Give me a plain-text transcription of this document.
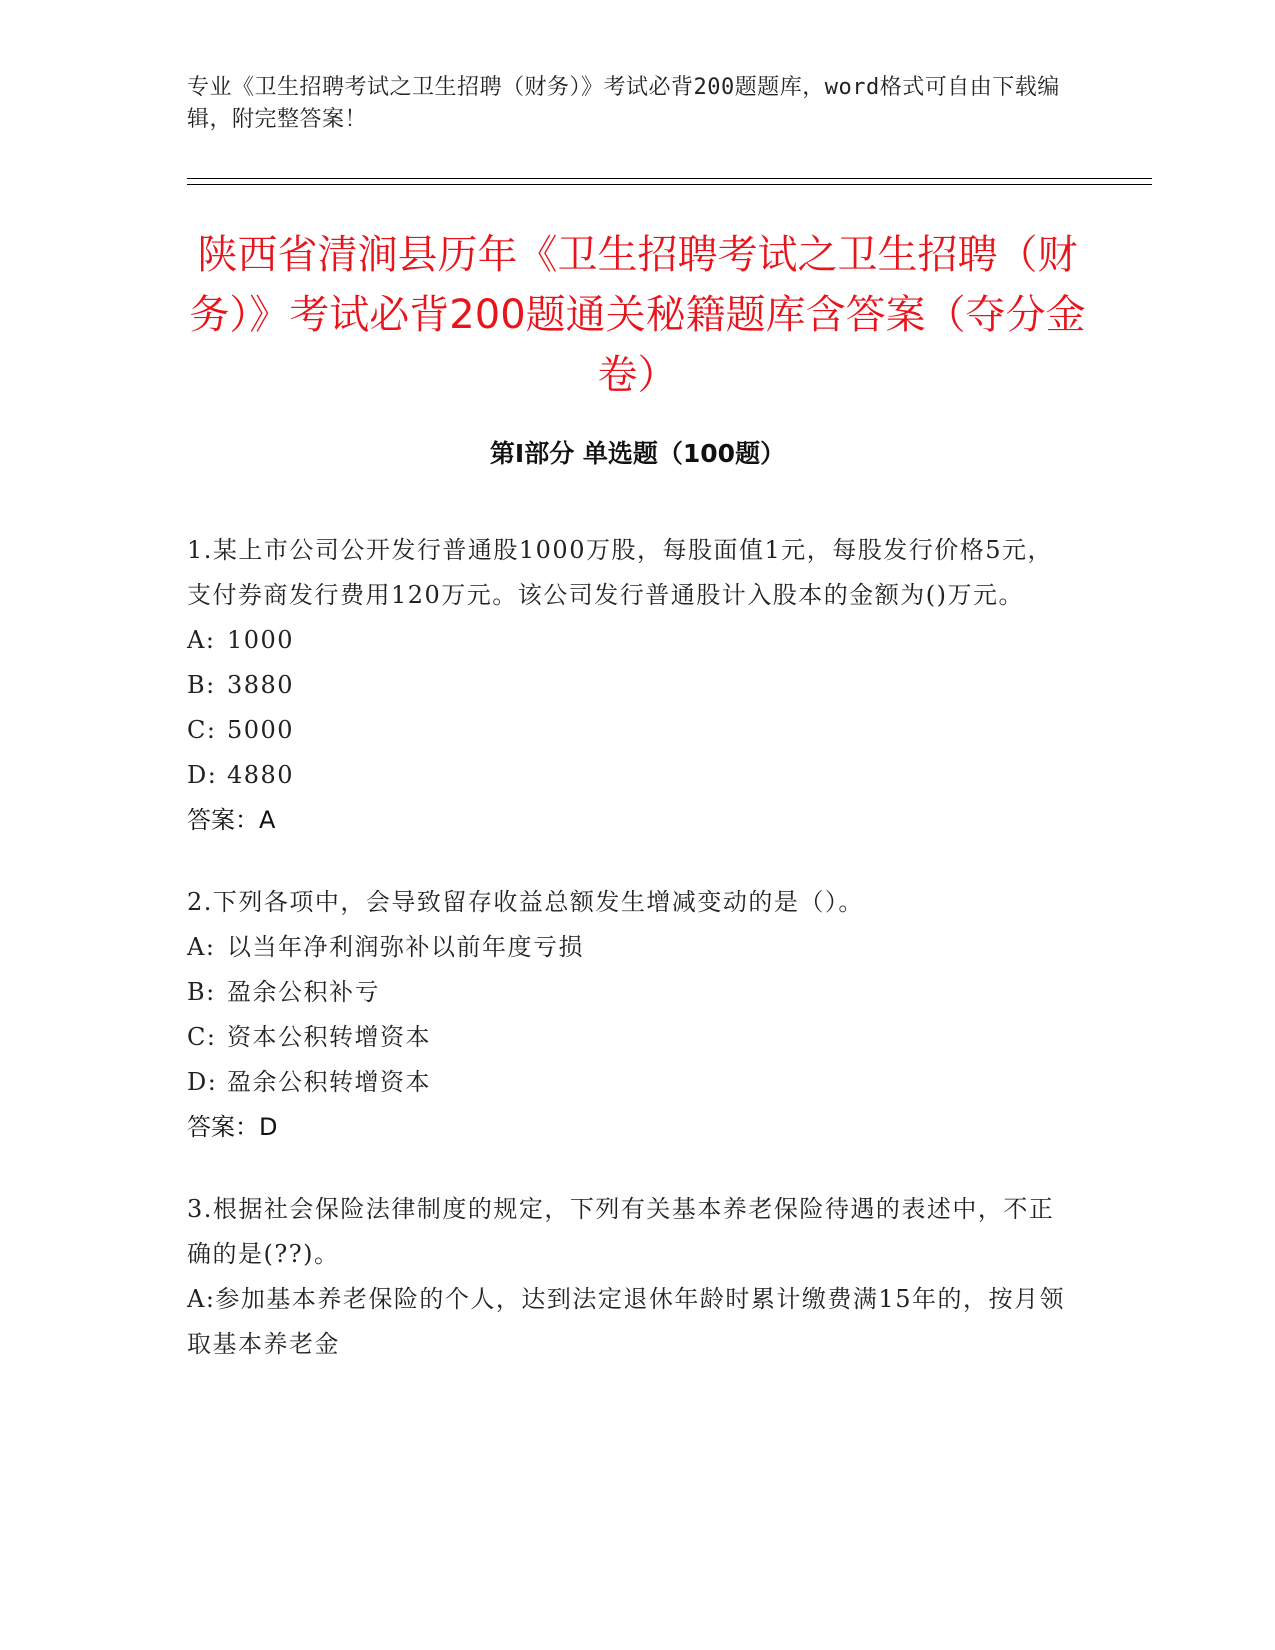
专业《卫生招聘考试之卫生招聘（财务）》考试必背200题题库，word格式可自由下载编辑，附完整答案！
陕西省清涧县历年《卫生招聘考试之卫生招聘（财务）》考试必背200题通关秘籍题库含答案（夺分金卷）
第Ⅰ部分 单选题（100题）

1.某上市公司公开发行普通股1000万股，每股面值1元，每股发行价格5元，支付券商发行费用120万元。该公司发行普通股计入股本的金额为()万元。

A: 1000

B: 3880

C: 5000

D: 4880

答案：A

2.下列各项中，会导致留存收益总额发生增减变动的是（）。

A: 以当年净利润弥补以前年度亏损

B: 盈余公积补亏

C: 资本公积转增资本

D: 盈余公积转增资本

答案：D

3.根据社会保险法律制度的规定，下列有关基本养老保险待遇的表述中，不正确的是(??)。

A:参加基本养老保险的个人，达到法定退休年龄时累计缴费满15年的，按月领取基本养老金
